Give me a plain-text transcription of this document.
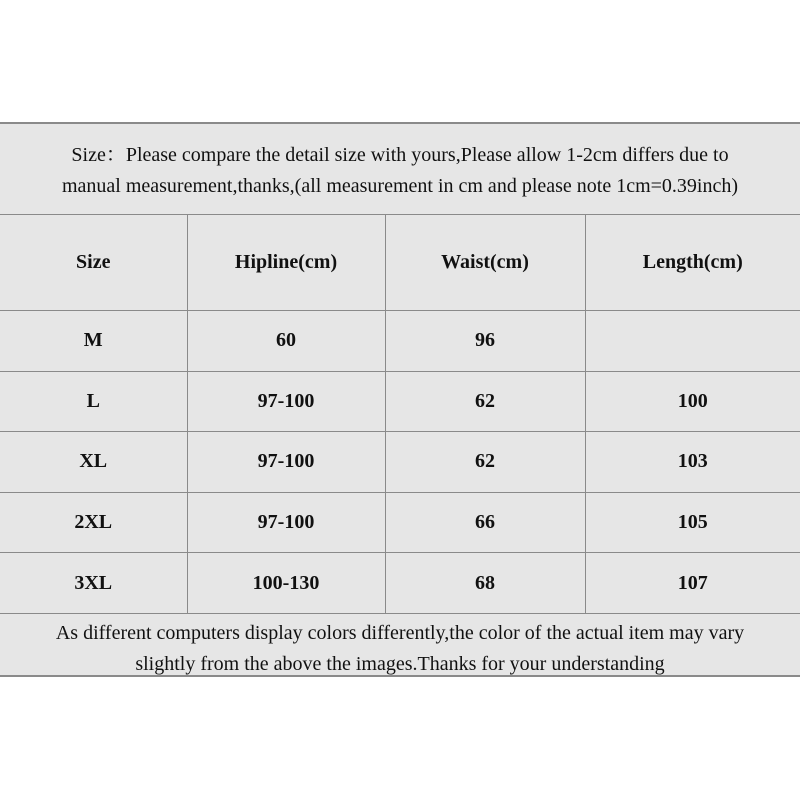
Size：Please compare the detail size with yours,Please allow 1-2cm differs due to
manual measurement,thanks,(all measurement in cm and please note 1cm=0.39inch)
Size	Hipline(cm)	Waist(cm)	Length(cm)
M	60	96	
L	97-100	62	100
XL	97-100	62	103
2XL	97-100	66	105
3XL	100-130	68	107
As different computers display colors differently,the color of the actual item may vary
slightly from the above the images.Thanks for your understanding
